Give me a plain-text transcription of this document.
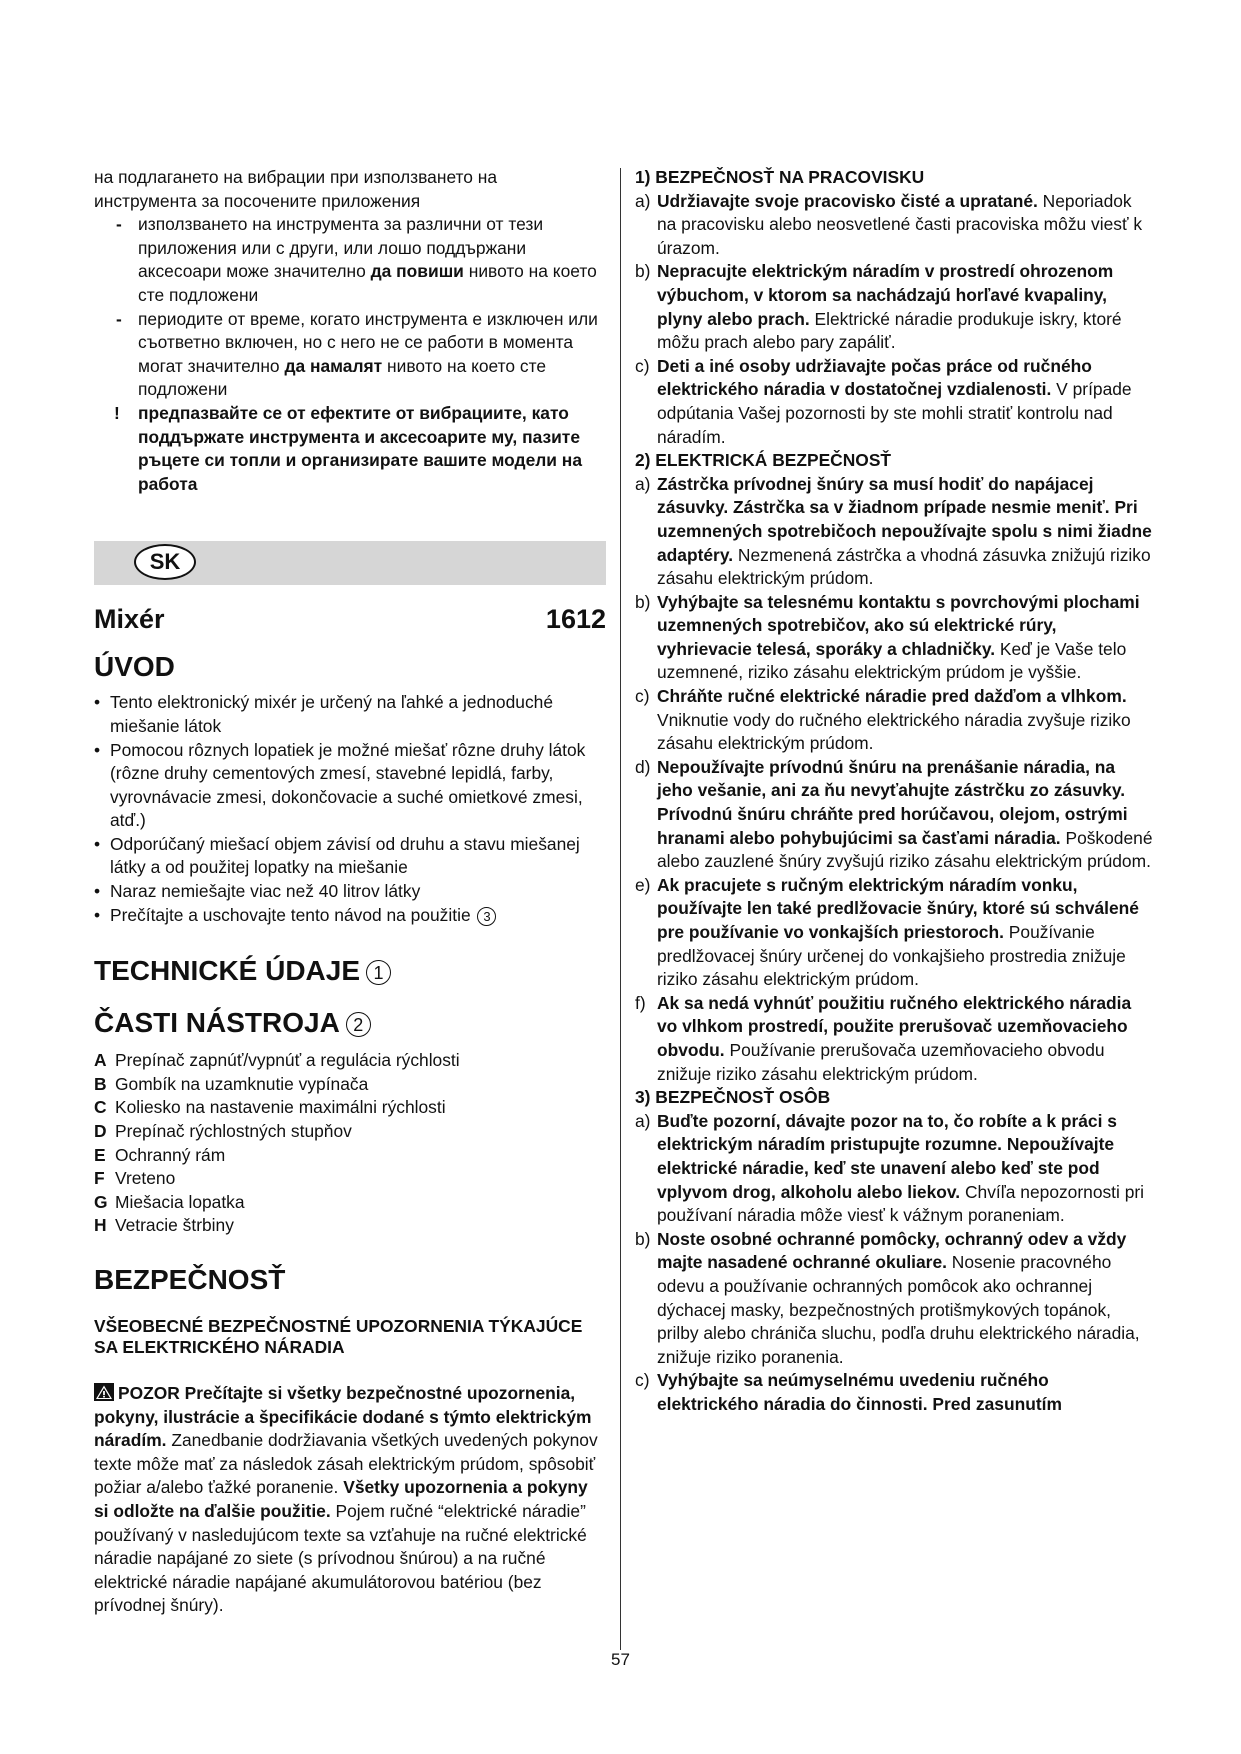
на подлагането на вибрации при използването на

инструмента за посочените приложения

- използването на инструмента за различни от тези приложения или с други, или лошо поддържани аксесоари може значително да повиши нивото на което сте подложени

- периодите от време, когато инструмента е изключен или съответно включен, но с него не се работи в момента могат значително да намалят нивото на което сте подложени

! предпазвайте се от ефектите от вибрациите, като поддържате инструмента и аксесоарите му, пазите ръцете си топли и организирате вашите модели на работа

SK
Mixér	1612
ÚVOD

• Tento elektronický mixér je určený na ľahké a jednoduché miešanie látok

• Pomocou rôznych lopatiek je možné miešať rôzne druhy látok (rôzne druhy cementových zmesí, stavebné lepidlá, farby, vyrovnávacie zmesi, dokončovacie a suché omietkové zmesi, atď.)

• Odporúčaný miešací objem závisí od druhu a stavu miešanej látky a od použitej lopatky na miešanie

• Naraz nemiešajte viac než 40 litrov látky

• Prečítajte a uschovajte tento návod na použitie 3

TECHNICKÉ ÚDAJE 1
ČASTI NÁSTROJA 2
A Prepínač zapnúť/vypnúť a regulácia rýchlosti
B Gombík na uzamknutie vypínača
C Koliesko na nastavenie maximálni rýchlosti
D Prepínač rýchlostných stupňov
E Ochranný rám
F Vreteno
G Miešacia lopatka
H Vetracie štrbiny
BEZPEČNOSŤ

VŠEOBECNÉ BEZPEČNOSTNÉ UPOZORNENIA TÝKAJÚCE SA ELEKTRICKÉHO NÁRADIA

POZOR Prečítajte si všetky bezpečnostné upozornenia, pokyny, ilustrácie a špecifikácie dodané s týmto elektrickým náradím. Zanedbanie dodržiavania všetkých uvedených pokynov texte môže mať za následok zásah elektrickým prúdom, spôsobiť požiar a/alebo ťažké poranenie. Všetky upozornenia a pokyny si odložte na ďalšie použitie. Pojem ručné “elektrické náradie” používaný v nasledujúcom texte sa vzťahuje na ručné elektrické náradie napájané zo siete (s prívodnou šnúrou) a na ručné elektrické náradie napájané akumulátorovou batériou (bez prívodnej šnúry).

1) BEZPEČNOSŤ NA PRACOVISKU

a) Udržiavajte svoje pracovisko čisté a upratané. Neporiadok na pracovisku alebo neosvetlené časti pracoviska môžu viesť k úrazom.
b) Nepracujte elektrickým náradím v prostredí ohrozenom výbuchom, v ktorom sa nachádzajú horľavé kvapaliny, plyny alebo prach. Elektrické náradie produkuje iskry, ktoré môžu prach alebo pary zapáliť.
c) Deti a iné osoby udržiavajte počas práce od ručného elektrického náradia v dostatočnej vzdialenosti. V prípade odpútania Vašej pozornosti by ste mohli stratiť kontrolu nad náradím.

2) ELEKTRICKÁ BEZPEČNOSŤ

a) Zástrčka prívodnej šnúry sa musí hodiť do napájacej zásuvky. Zástrčka sa v žiadnom prípade nesmie meniť. Pri uzemnených spotrebičoch nepoužívajte spolu s nimi žiadne adaptéry. Nezmenená zástrčka a vhodná zásuvka znižujú riziko zásahu elektrickým prúdom.
b) Vyhýbajte sa telesnému kontaktu s povrchovými plochami uzemnených spotrebičov, ako sú elektrické rúry, vyhrievacie telesá, sporáky a chladničky. Keď je Vaše telo uzemnené, riziko zásahu elektrickým prúdom je vyššie.
c) Chráňte ručné elektrické náradie pred dažďom a vlhkom. Vniknutie vody do ručného elektrického náradia zvyšuje riziko zásahu elektrickým prúdom.
d) Nepoužívajte prívodnú šnúru na prenášanie náradia, na jeho vešanie, ani za ňu nevyťahujte zástrčku zo zásuvky. Prívodnú šnúru chráňte pred horúčavou, olejom, ostrými hranami alebo pohybujúcimi sa časťami náradia. Poškodené alebo zauzlené šnúry zvyšujú riziko zásahu elektrickým prúdom.
e) Ak pracujete s ručným elektrickým náradím vonku, používajte len také predlžovacie šnúry, ktoré sú schválené pre používanie vo vonkajších priestoroch. Používanie predlžovacej šnúry určenej do vonkajšieho prostredia znižuje riziko zásahu elektrickým prúdom.
f) Ak sa nedá vyhnúť použitiu ručného elektrického náradia vo vlhkom prostredí, použite prerušovač uzemňovacieho obvodu. Používanie prerušovača uzemňovacieho obvodu znižuje riziko zásahu elektrickým prúdom.

3) BEZPEČNOSŤ OSÔB

a) Buďte pozorní, dávajte pozor na to, čo robíte a k práci s elektrickým náradím pristupujte rozumne. Nepoužívajte elektrické náradie, keď ste unavení alebo keď ste pod vplyvom drog, alkoholu alebo liekov. Chvíľa nepozornosti pri používaní náradia môže viesť k vážnym poraneniam.
b) Noste osobné ochranné pomôcky, ochranný odev a vždy majte nasadené ochranné okuliare. Nosenie pracovného odevu a používanie ochranných pomôcok ako ochrannej dýchacej masky, bezpečnostných protišmykových topánok, prilby alebo chrániča sluchu, podľa druhu elektrického náradia, znižuje riziko poranenia.
c) Vyhýbajte sa neúmyselnému uvedeniu ručného elektrického náradia do činnosti. Pred zasunutím
57
